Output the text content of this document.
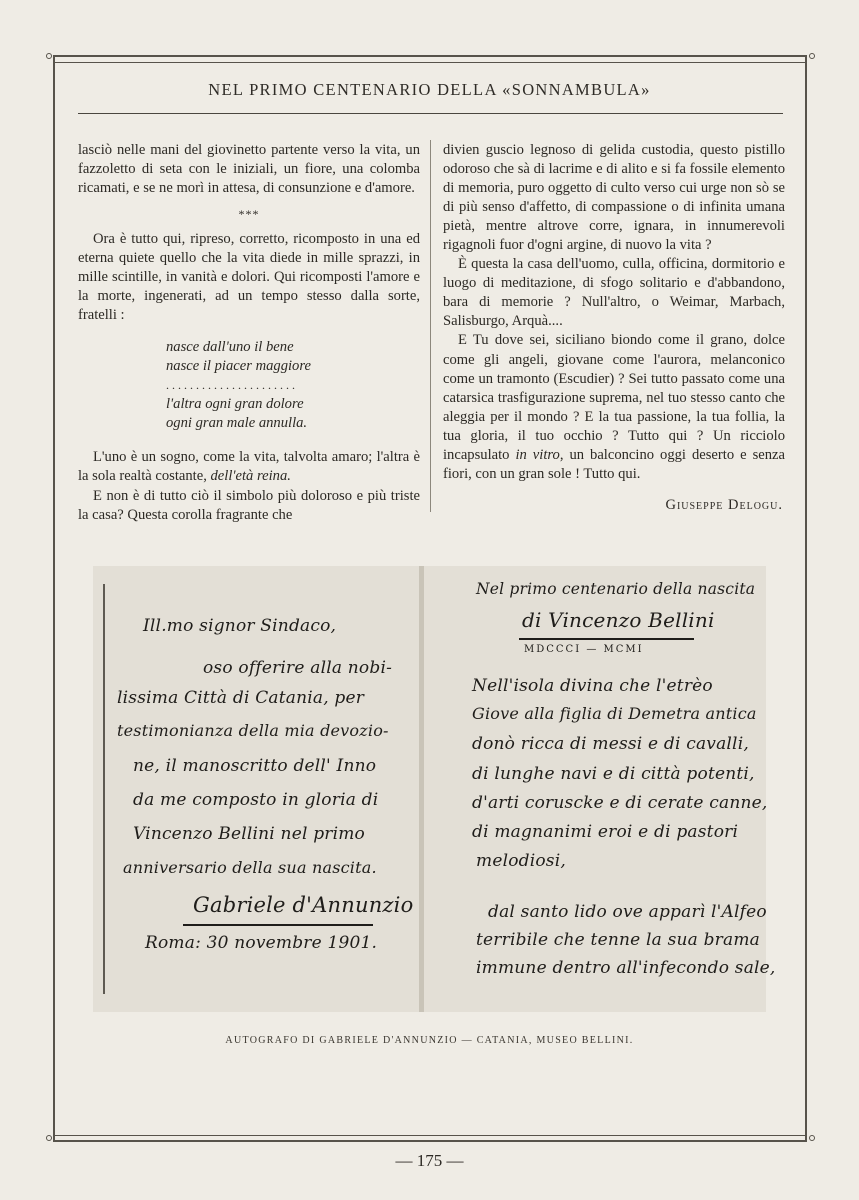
NEL PRIMO CENTENARIO DELLA «SONNAMBULA»

lasciò nelle mani del giovinetto partente verso la vita, un fazzoletto di seta con le iniziali, un fiore, una colomba ricamati, e se ne morì in attesa, di consunzione e d'amore.

***

Ora è tutto qui, ripreso, corretto, ricomposto in una ed eterna quiete quello che la vita diede in mille sprazzi, in mille scintille, in vanità e dolori. Qui ricomposti l'amore e la morte, ingenerati, ad un tempo stesso dalla sorte, fratelli :

nasce dall'uno il bene
nasce il piacer maggiore
......................
l'altra ogni gran dolore
ogni gran male annulla.

L'uno è un sogno, come la vita, talvolta amaro; l'altra è la sola realtà costante, dell'età reina.

E non è di tutto ciò il simbolo più doloroso e più triste la casa? Questa corolla fragrante che

divien guscio legnoso di gelida custodia, questo pistillo odoroso che sà di lacrime e di alito e si fa fossile elemento di memoria, puro oggetto di culto verso cui urge non sò se di più senso d'affetto, di compassione o di infinita umana pietà, mentre altrove corre, ignara, in innumerevoli rigagnoli fuor d'ogni argine, di nuovo la vita ?

È questa la casa dell'uomo, culla, officina, dormitorio e luogo di meditazione, di sfogo solitario e d'abbandono, bara di memorie ? Null'altro, o Weimar, Marbach, Salisburgo, Arquà....

E Tu dove sei, siciliano biondo come il grano, dolce come gli angeli, giovane come l'aurora, melanconico come un tramonto (Escudier) ? Sei tutto passato come una catarsica trasfigurazione suprema, nel tuo stesso canto che aleggia per il mondo ? E la tua passione, la tua follia, la tua gloria, il tuo occhio ? Tutto qui ? Un ricciolo incapsulato in vitro, un balconcino oggi deserto e senza fiori, con un gran sole ! Tutto qui.

Giuseppe Delogu.

Ill.mo signor Sindaco,
oso offerire alla nobi-
lissima Città di Catania, per
testimonianza della mia devozio-
ne, il manoscritto dell' Inno
da me composto in gloria di
Vincenzo Bellini nel primo
anniversario della sua nascita.
Gabriele d'Annunzio
Roma: 30 novembre 1901.
Nel primo centenario della nascita
di Vincenzo Bellini
MDCCCI — MCMI
Nell'isola divina che l'etrèo
Giove alla figlia di Demetra antica
donò ricca di messi e di cavalli,
di lunghe navi e di città potenti,
d'arti coruscke e di cerate canne,
di magnanimi eroi e di pastori
melodiosi,
dal santo lido ove apparì l'Alfeo
terribile che tenne la sua brama
immune dentro all'infecondo sale,
AUTOGRAFO DI GABRIELE D'ANNUNZIO — CATANIA, MUSEO BELLINI.
— 175 —
